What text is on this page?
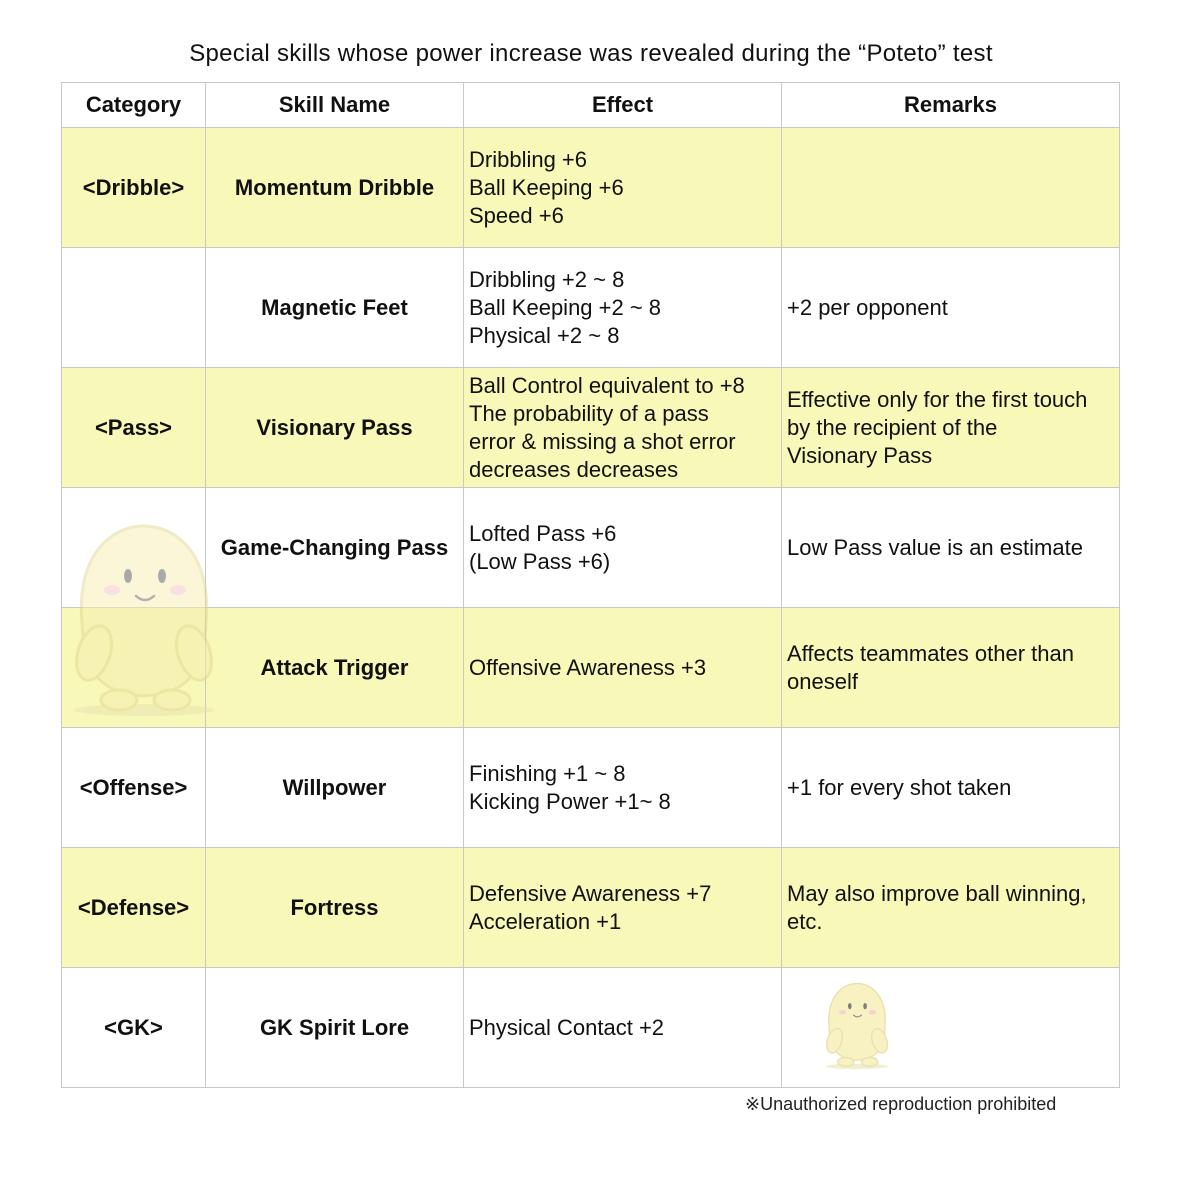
Special skills whose power increase was revealed during the “Poteto” test
Category	Skill Name	Effect	Remarks
<Dribble>	Momentum Dribble	Dribbling +6
Ball Keeping +6
Speed +6	

	Magnetic Feet	Dribbling +2 ~ 8
Ball Keeping +2 ~ 8
Physical +2 ~ 8	+2 per opponent

<Pass>	Visionary Pass	Ball Control equivalent to +8
The probability of a pass
error & missing a shot error
decreases decreases	Effective only for the first touch
by the recipient of the
Visionary Pass

	Game-Changing Pass	Lofted Pass +6
(Low Pass +6)	Low Pass value is an estimate

	Attack Trigger	Offensive Awareness +3	Affects teammates other than
oneself

<Offense>	Willpower	Finishing +1 ~ 8
Kicking Power +1~ 8	+1 for every shot taken

<Defense>	Fortress	Defensive Awareness +7
Acceleration +1	May also improve ball winning,
etc.

<GK>	GK Spirit Lore	Physical Contact +2	

※Unauthorized reproduction prohibited
